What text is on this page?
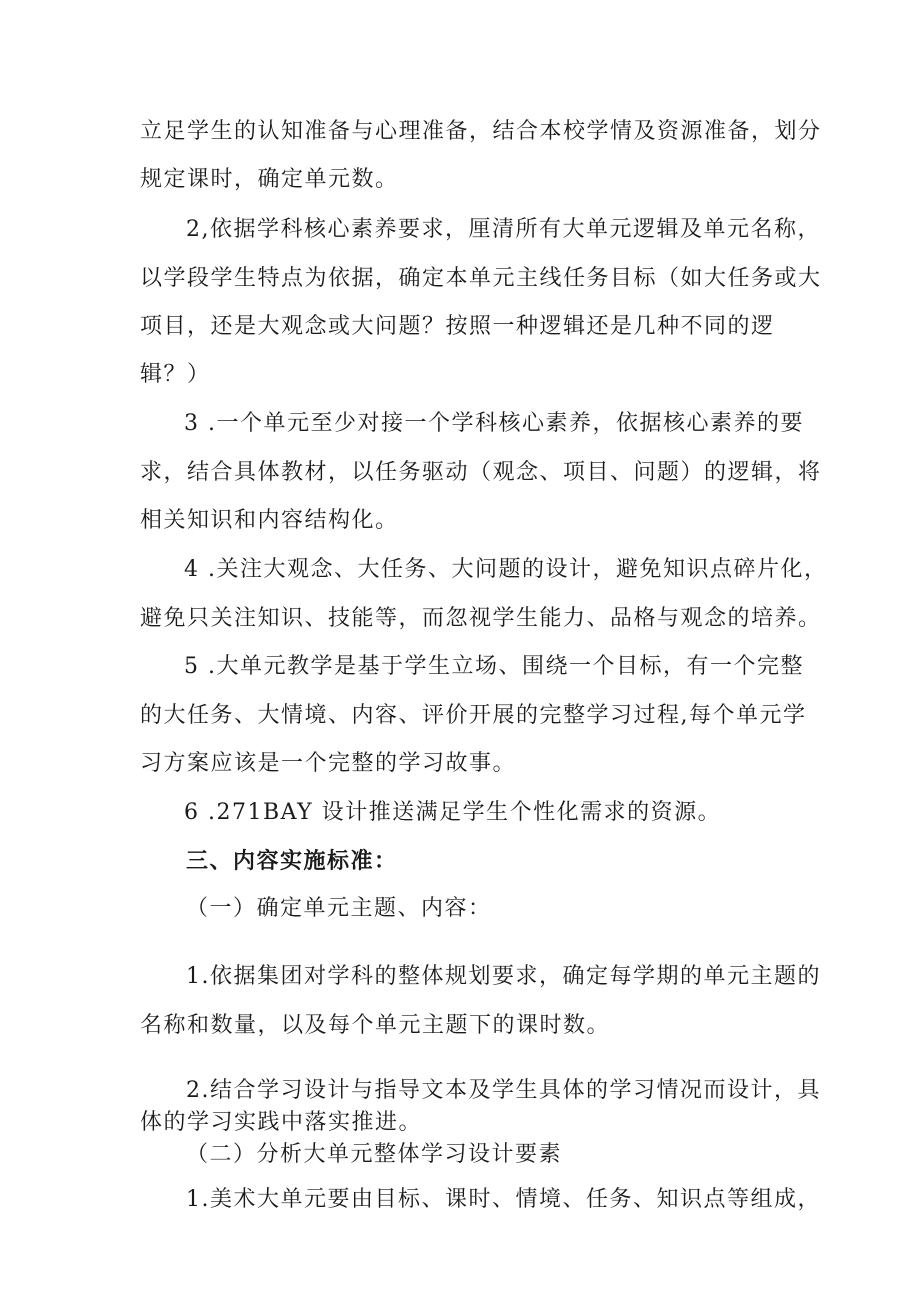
立足学生的认知准备与心理准备，结合本校学情及资源准备，划分
规定课时，确定单元数。
2,依据学科核心素养要求，厘清所有大单元逻辑及单元名称，
以学段学生特点为依据，确定本单元主线任务目标（如大任务或大
项目，还是大观念或大问题？按照一种逻辑还是几种不同的逻
辑？）
3 .一个单元至少对接一个学科核心素养，依据核心素养的要
求，结合具体教材，以任务驱动（观念、项目、问题）的逻辑，将
相关知识和内容结构化。
4 .关注大观念、大任务、大问题的设计，避免知识点碎片化，
避免只关注知识、技能等，而忽视学生能力、品格与观念的培养。
5 .大单元教学是基于学生立场、围绕一个目标，有一个完整
的大任务、大情境、内容、评价开展的完整学习过程,每个单元学
习方案应该是一个完整的学习故事。
6 .271BAY 设计推送满足学生个性化需求的资源。
三、内容实施标准：
（一）确定单元主题、内容：
1.依据集团对学科的整体规划要求，确定每学期的单元主题的
名称和数量，以及每个单元主题下的课时数。
2.结合学习设计与指导文本及学生具体的学习情况而设计，具
体的学习实践中落实推进。
（二）分析大单元整体学习设计要素
1.美术大单元要由目标、课时、情境、任务、知识点等组成，
